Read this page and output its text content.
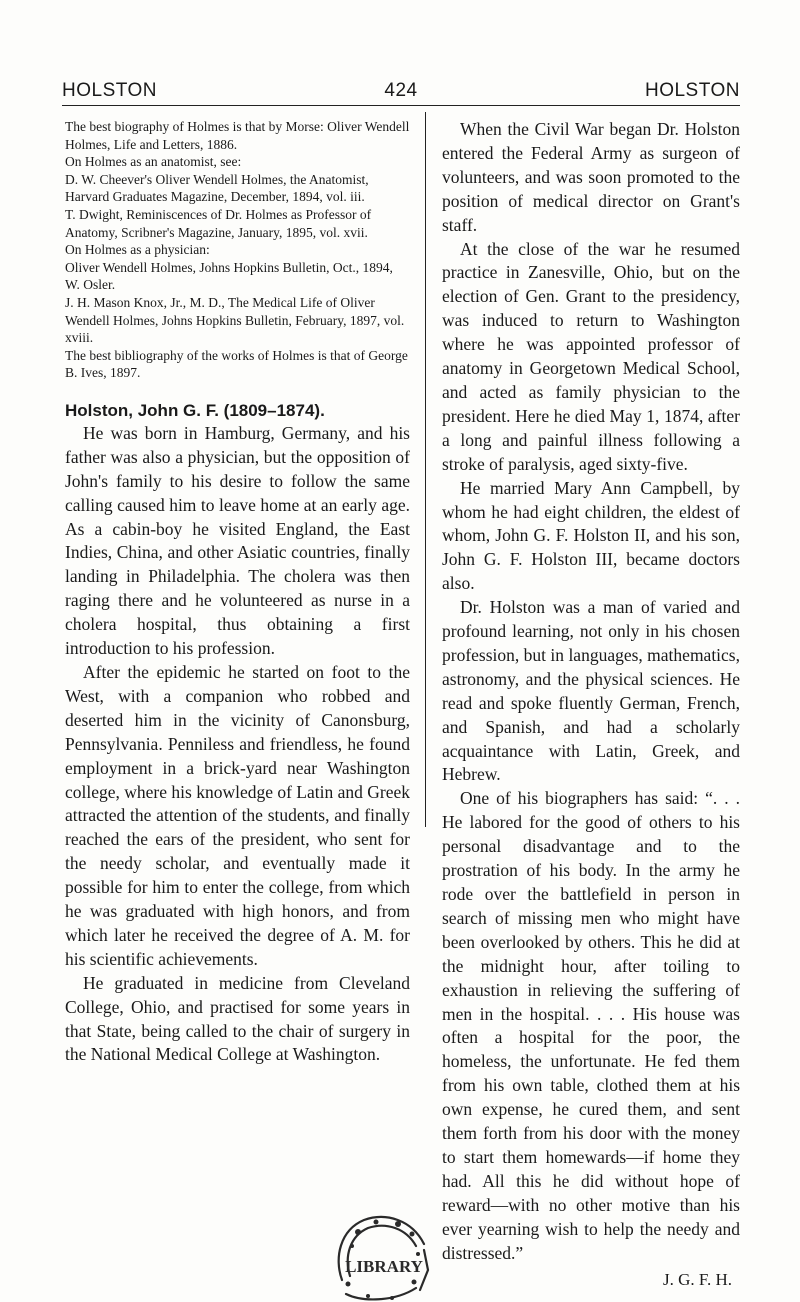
HOLSTON	424	HOLSTON

The best biography of Holmes is that by Morse: Oliver Wendell Holmes, Life and Letters, 1886.

On Holmes as an anatomist, see:

D. W. Cheever's Oliver Wendell Holmes, the Anatomist, Harvard Graduates Magazine, December, 1894, vol. iii.

T. Dwight, Reminiscences of Dr. Holmes as Professor of Anatomy, Scribner's Magazine, January, 1895, vol. xvii.

On Holmes as a physician:

Oliver Wendell Holmes, Johns Hopkins Bulletin, Oct., 1894, W. Osler.

J. H. Mason Knox, Jr., M. D., The Medical Life of Oliver Wendell Holmes, Johns Hopkins Bulletin, February, 1897, vol. xviii.

The best bibliography of the works of Holmes is that of George B. Ives, 1897.

Holston, John G. F. (1809–1874).

He was born in Hamburg, Germany, and his father was also a physician, but the opposition of John's family to his desire to follow the same calling caused him to leave home at an early age. As a cabin-boy he visited England, the East Indies, China, and other Asiatic countries, finally landing in Philadelphia. The cholera was then raging there and he volunteered as nurse in a cholera hospital, thus obtaining a first introduction to his profession.

After the epidemic he started on foot to the West, with a companion who robbed and deserted him in the vicinity of Canonsburg, Pennsylvania. Penniless and friendless, he found employment in a brick-yard near Washington college, where his knowledge of Latin and Greek attracted the attention of the students, and finally reached the ears of the president, who sent for the needy scholar, and eventually made it possible for him to enter the college, from which he was graduated with high honors, and from which later he received the degree of A. M. for his scientific achievements.

He graduated in medicine from Cleveland College, Ohio, and practised for some years in that State, being called to the chair of surgery in the National Medical College at Washington.

When the Civil War began Dr. Holston entered the Federal Army as surgeon of volunteers, and was soon promoted to the position of medical director on Grant's staff.

At the close of the war he resumed practice in Zanesville, Ohio, but on the election of Gen. Grant to the presidency, was induced to return to Washington where he was appointed professor of anatomy in Georgetown Medical School, and acted as family physician to the president. Here he died May 1, 1874, after a long and painful illness following a stroke of paralysis, aged sixty-five.

He married Mary Ann Campbell, by whom he had eight children, the eldest of whom, John G. F. Holston II, and his son, John G. F. Holston III, became doctors also.

Dr. Holston was a man of varied and profound learning, not only in his chosen profession, but in languages, mathematics, astronomy, and the physical sciences. He read and spoke fluently German, French, and Spanish, and had a scholarly acquaintance with Latin, Greek, and Hebrew.

One of his biographers has said: “. . . He labored for the good of others to his personal disadvantage and to the prostration of his body. In the army he rode over the battlefield in person in search of missing men who might have been overlooked by others. This he did at the midnight hour, after toiling to exhaustion in relieving the suffering of men in the hospital. . . . His house was often a hospital for the poor, the homeless, the unfortunate. He fed them from his own table, clothed them at his own expense, he cured them, and sent them forth from his door with the money to start them homewards—if home they had. All this he did without hope of reward—with no other motive than his ever yearning wish to help the needy and distressed.”

J. G. F. H.
LIBRARY
